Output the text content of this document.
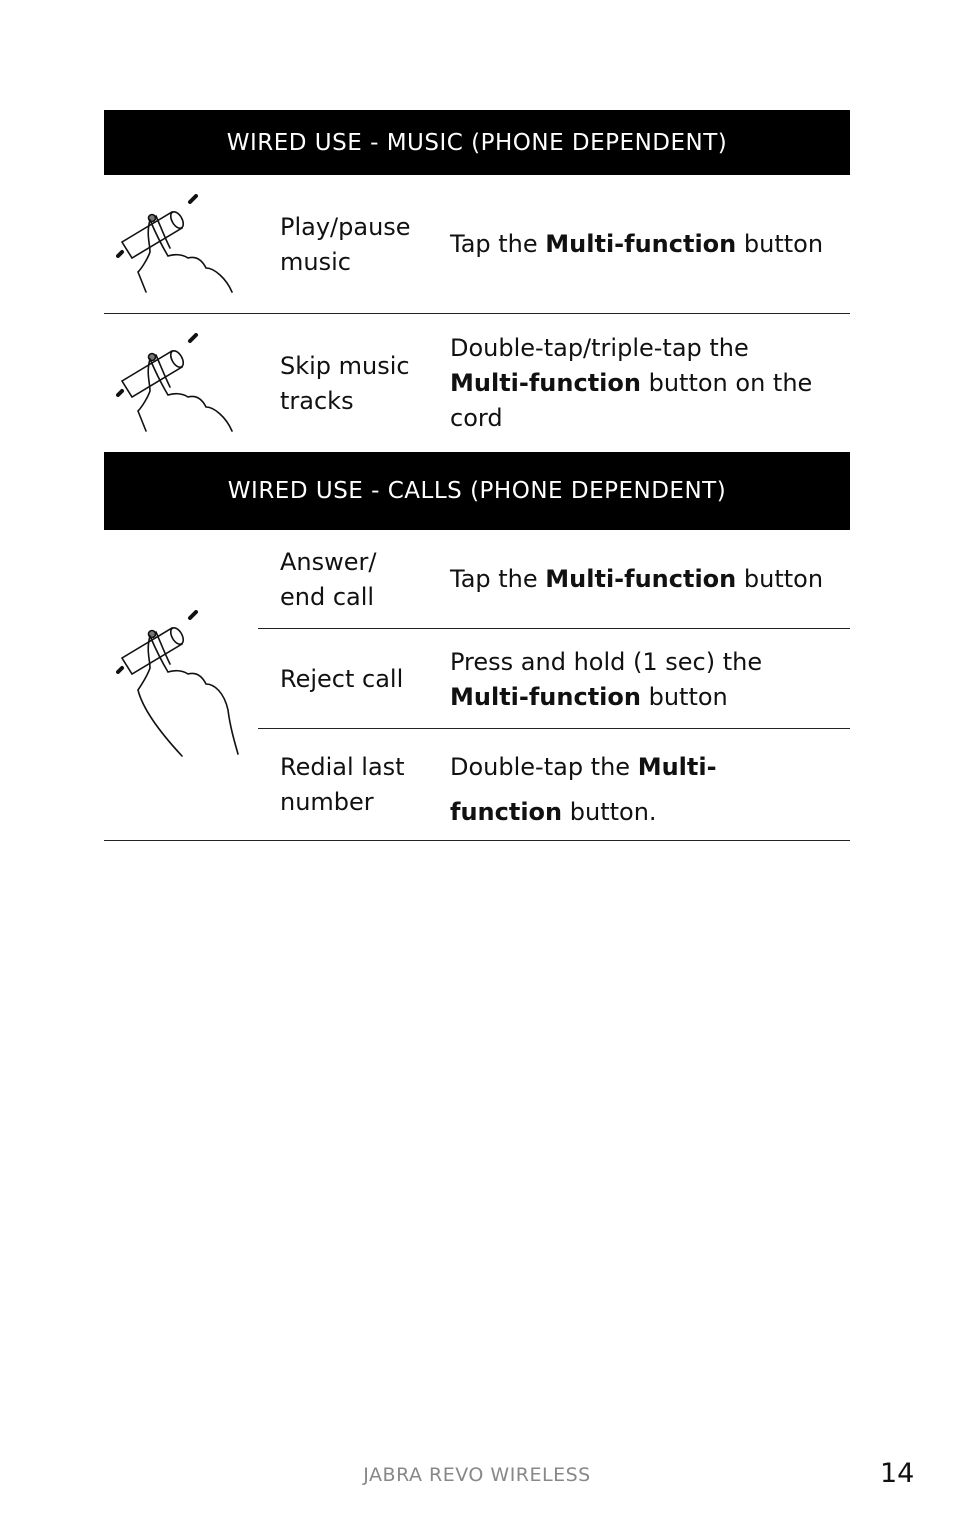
WIRED USE - MUSIC (PHONE DEPENDENT)
Play/pause
music
Tap the Multi-function button
Skip music
tracks
Double-tap/triple-tap the Multi-function button on the cord
WIRED USE - CALLS (PHONE DEPENDENT)
Answer/
end call
Tap the Multi-function button
Reject call
Press and hold (1 sec) the Multi-function button
Redial last
number
Double-tap the Multi-function button.
JABRA REVO WIRELESS	14
